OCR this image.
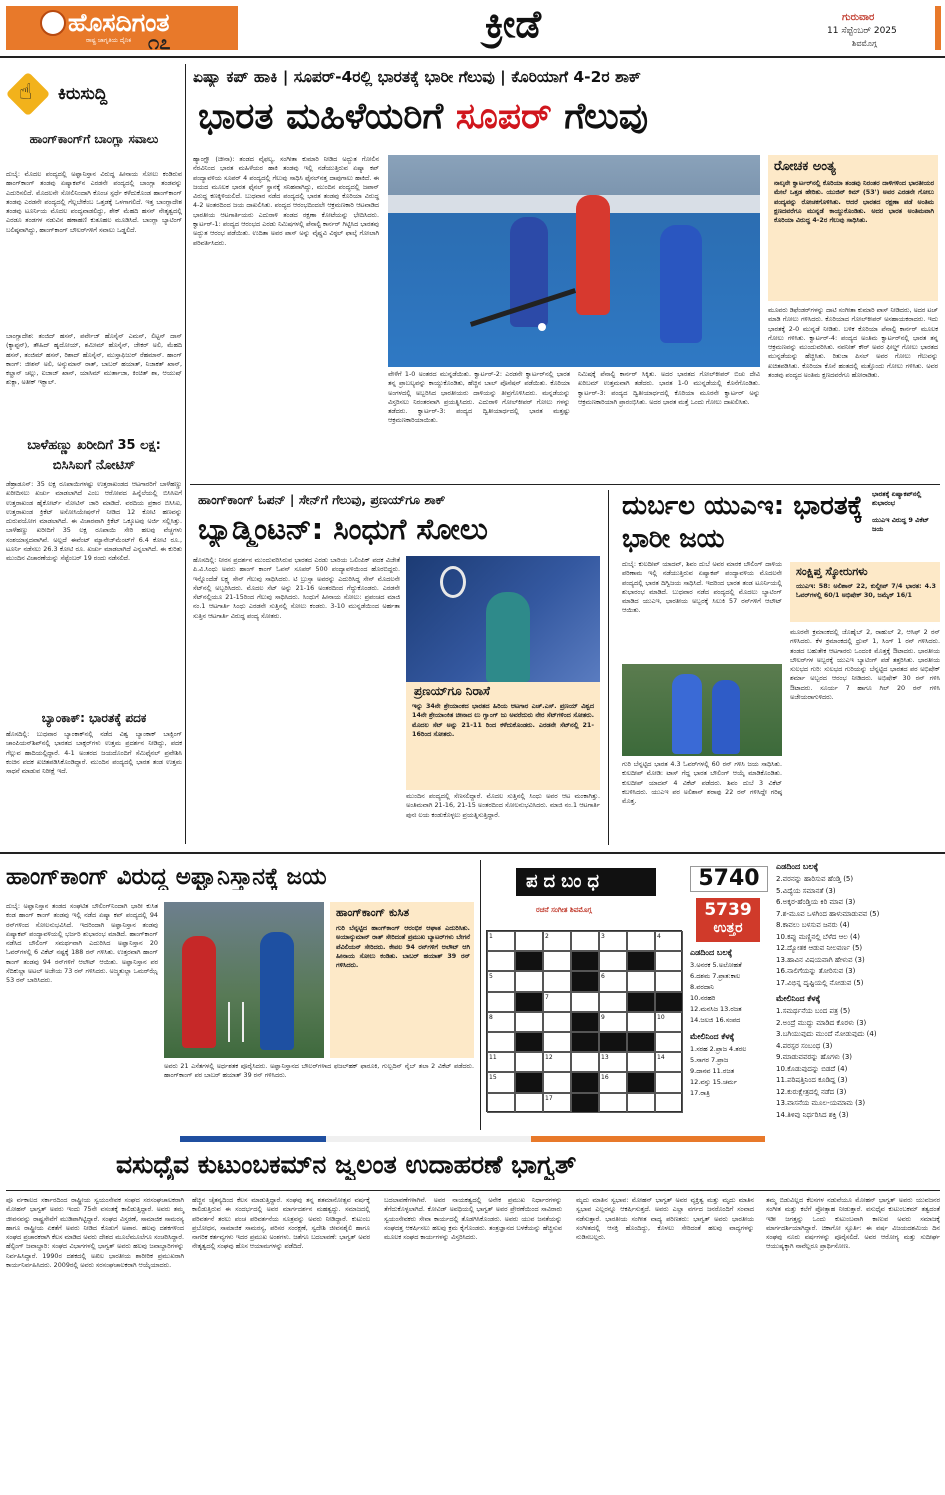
ಹೊಸದಿಗಂತ
ರಾಷ್ಟ್ರ ಜಾಗೃತಿಯ ದೈನಿಕ ೧೭	ಕ್ರೀಡೆ	ಗುರುವಾರ
11 ಸೆಪ್ಟೆಂಬರ್ 2025
ಶಿವಮೊಗ್ಗ
☝ ಕಿರುಸುದ್ದಿ
ಹಾಂಗ್‌ಕಾಂಗ್‌ಗೆ ಬಾಂಗ್ಲಾ ಸವಾಲು
ದುಬೈ: ಮೊದಲ ಪಂದ್ಯದಲ್ಲಿ ಅಫ್ಘಾನಿಸ್ತಾನ ವಿರುದ್ಧ ಹೀನಾಯ ಸೋಲು ಕಂಡಿರುವ ಹಾಂಗ್‌ಕಾಂಗ್ ತಂಡವು ಏಷ್ಯಾಕಪ್‌ನ ಎರಡನೇ ಪಂದ್ಯದಲ್ಲಿ ಬಾಂಗ್ಲಾ ತಂಡವನ್ನು ಎದುರಿಸಲಿದೆ. ಮೊದಲನೇ ಸೋಲಿನಿಂದಾಗಿ ಕೊಂಚ ಸ್ಪರ್ಧೆ ಕಳೆದುಕೊಂಡ ಹಾಂಗ್‌ಕಾಂಗ್ ತಂಡವು ಎರಡನೇ ಪಂದ್ಯದಲ್ಲಿ ಗೆಲ್ಲಬೇಕೆಂಬ ಒತ್ತಡಕ್ಕೆ ಒಳಗಾಗಲಿದೆ. ಇತ್ತ ಬಾಂಗ್ಲಾದೇಶ ತಂಡವು ಟೂರ್ನಿಯ ಮೊದಲ ಪಂದ್ಯವಾಡಲಿದ್ದು, ಶೇಕ್ ಮೆಹದಿ ಹಸನ್ ನೇತೃತ್ವದಲ್ಲಿ ಎರಡೂ ತಂಡಗಳ ನಡುವಿನ ಹಣಾಹಣಿ ಕುತೂಹಲ ಮೂಡಿಸಿದೆ. ಬಾಂಗ್ಲಾ ಬ್ಯಾಟಿಂಗ್ ಬಲಿಷ್ಠವಾಗಿದ್ದು, ಹಾಂಗ್‌ಕಾಂಗ್ ಬೌಲರ್‌ಗಳಿಗೆ ಸವಾಲು ಒಡ್ಡಲಿದೆ.
ಬಾಂಗ್ಲಾದೇಶ: ತಂಜಿದ್ ಹಸನ್, ಪರ್ವೇಜ್ ಹೊಸೈನ್ ಎಮನ್, ಲಿಟ್ಟನ್ ದಾಸ್ (ಕ್ಯಾಪ್ಟನ್), ತೌಹಿದ್ ಹೃದೋಯ್, ಶಮೀಮ್ ಹೊಸೈನ್, ಜೇಕರ್ ಅಲಿ, ಮೆಹದಿ ಹಸನ್, ತಂಜಿಮ್ ಹಸನ್, ರಿಶಾದ್ ಹೊಸೈನ್, ಮುಸ್ತಾಫಿಜುರ್ ರೆಹಮಾನ್. ಹಾಂಗ್ ಕಾಂಗ್: ಜೀಶನ್ ಅಲಿ, ಅನ್ಶುಮಾನ್ ರಾತ್, ಬಾಬರ್ ಹಯಾತ್, ನಿಜಾಕತ್ ಖಾನ್, ಕಲ್ಹಾನ್ ಚಲ್ಲು, ಐಜಾಜ್ ಖಾನ್, ಯಾಸಿಮ್ ಮುರ್ತಾಜಾ, ಕಿಂಚಿತ್ ಶಾ, ಆಯುಷ್ ಶುಕ್ಲಾ, ಅತೀಕ್ ಇಕ್ಬಾಲ್.
ಬಾಳೆಹಣ್ಣು ಖರೀದಿಗೆ 35 ಲಕ್ಷ: ಬಿಸಿಸಿಐಗೆ ನೋಟಿಸ್
ಡೆಹ್ರಾಡೂನ್: 35 ಲಕ್ಷ ರೂಪಾಯಿಗಳಷ್ಟು ಉತ್ತರಾಖಂಡದ ಆಟಗಾರರಿಗೆ ಬಾಳೆಹಣ್ಣು ಖರೀದಿಸಲು ಖರ್ಚು ಮಾಡಲಾಗಿದೆ ಎಂಬ ಆರೋಪದ ಹಿನ್ನೆಲೆಯಲ್ಲಿ ಬಿಸಿಸಿಐಗೆ ಉತ್ತರಾಖಂಡ ಹೈಕೋರ್ಟ್ ನೋಟಿಸ್ ಜಾರಿ ಮಾಡಿದೆ. ವರದಿಯ ಪ್ರಕಾರ ಬಿಸಿಸಿಐ, ಉತ್ತರಾಖಂಡ ಕ್ರಿಕೆಟ್ ಅಸೋಸಿಯೇಷನ್‌ಗೆ ನೀಡಿದ 12 ಕೋಟಿ ಹಣವನ್ನು ದುರುಪಯೋಗ ಮಾಡಲಾಗಿದೆ. ಈ ವಿಚಾರವಾಗಿ ಕ್ರಿಕೆಟ್ ಒಕ್ಕೂಟವು ಅರ್ಜಿ ಸಲ್ಲಿಸಿತ್ತು. ಬಾಳೆಹಣ್ಣು ಖರೀದಿಗೆ 35 ಲಕ್ಷ ರೂಪಾಯಿ ಸೇರಿ ಹಲವು ವೆಚ್ಚಗಳು ಸಂಶಯಾಸ್ಪದವಾಗಿವೆ. ಅಲ್ಲದೆ ಈವೆಂಟ್ ಮ್ಯಾನೇಜ್‌ಮೆಂಟ್‌ಗೆ 6.4 ಕೋಟಿ ರೂ., ಟೂರ್ನಿ ನಡೆಸಲು 26.3 ಕೋಟಿ ರೂ. ಖರ್ಚು ಮಾಡಲಾಗಿದೆ ಎನ್ನಲಾಗಿದೆ. ಈ ಕುರಿತು ಮುಂದಿನ ವಿಚಾರಣೆಯನ್ನು ಸೆಪ್ಟೆಂಬರ್ 19 ರಂದು ನಡೆಸಲಿದೆ.
ಬ್ಯಾಂಕಾಕ್: ಭಾರತಕ್ಕೆ ಪದಕ
ಹೊಸದಿಲ್ಲಿ: ಬುಧವಾರ ಬ್ಯಾಂಕಾಕ್‌ನಲ್ಲಿ ನಡೆದ ವಿಶ್ವ ಬ್ಯಾಂಕಾಕ್ ಬಾಕ್ಸಿಂಗ್ ಚಾಂಪಿಯನ್‌ಶಿಪ್‌ನಲ್ಲಿ ಭಾರತದ ಬಾಕ್ಸರ್‌ಗಳು ಉತ್ತಮ ಪ್ರದರ್ಶನ ನೀಡಿದ್ದು, ಪದಕ ಗೆಲ್ಲುವ ಹಾದಿಯಲ್ಲಿದ್ದಾರೆ. 4-1 ಅಂತರದ ಜಯದೊಂದಿಗೆ ಸೆಮಿಫೈನಲ್ ಪ್ರವೇಶಿಸಿ ಕಂಚಿನ ಪದಕ ಖಚಿತಪಡಿಸಿಕೊಂಡಿದ್ದಾರೆ. ಮುಂದಿನ ಪಂದ್ಯದಲ್ಲಿ ಭಾರತ ತಂಡ ಉತ್ತಮ ಸಾಧನೆ ಮಾಡುವ ನಿರೀಕ್ಷೆ ಇದೆ.
ಏಷ್ಯಾ ಕಪ್ ಹಾಕಿ | ಸೂಪರ್-4ರಲ್ಲಿ ಭಾರತಕ್ಕೆ ಭಾರೀ ಗೆಲುವು | ಕೊರಿಯಾಗೆ 4-2ರ ಶಾಕ್
ಭಾರತ ಮಹಿಳೆಯರಿಗೆ ಸೂಪರ್ ಗೆಲುವು
ಹ್ಯಾಂಗ್ಝೌ (ಚೀನಾ): ತಂಡದ ವೈಫಲ್ಯ, ಸಂಗೀತಾ ಕುಮಾರಿ ನೀಡಿದ ಅದ್ಭುತ ಗೋಲಿನ ನೆರವಿನಿಂದ ಭಾರತ ಮಹಿಳೆಯರ ಹಾಕಿ ತಂಡವು ಇಲ್ಲಿ ನಡೆಯುತ್ತಿರುವ ಏಷ್ಯಾ ಕಪ್ ಪಂದ್ಯಾವಳಿಯ ಸೂಪರ್ 4 ಪಂದ್ಯದಲ್ಲಿ ಗೆಲುವು ಸಾಧಿಸಿ ಫೈನಲ್‌ನತ್ತ ದಾಪುಗಾಲು ಹಾಕಿದೆ. ಈ ಜಯದ ಮೂಲಕ ಭಾರತ ಫೈನಲ್ ಸ್ಥಾನಕ್ಕೆ ಸನಿಹವಾಗಿದ್ದು, ಮುಂದಿನ ಪಂದ್ಯದಲ್ಲಿ ಜಪಾನ್ ವಿರುದ್ಧ ಕಣಕ್ಕಿಳಿಯಲಿದೆ. ಬುಧವಾರ ನಡೆದ ಪಂದ್ಯದಲ್ಲಿ ಭಾರತ ತಂಡವು ಕೊರಿಯಾ ವಿರುದ್ಧ 4-2 ಅಂತರದಿಂದ ಜಯ ದಾಖಲಿಸಿತು. ಪಂದ್ಯದ ಆರಂಭದಿಂದಲೇ ಆಕ್ರಮಣಕಾರಿ ಆಟವಾಡಿದ ಭಾರತೀಯ ಆಟಗಾರ್ತಿಯರು ಎದುರಾಳಿ ತಂಡದ ರಕ್ಷಣಾ ಕೋಟೆಯನ್ನು ಭೇದಿಸಿದರು. ಕ್ವಾರ್ಟರ್-1: ಪಂದ್ಯದ ಆರಂಭದ ಎರಡು ನಿಮಿಷಗಳಲ್ಲಿ ಪೆನಾಲ್ಟಿ ಕಾರ್ನರ್ ಗಿಟ್ಟಿಸಿದ ಭಾರತವು ಅದ್ಭುತ ಆರಂಭ ಪಡೆಯಿತು. ಉದಿತಾ ಅವರ ಪಾಸ್ ಅನ್ನು ವೈಷ್ಣವಿ ವಿಠ್ಠಲ್ ಫಾಲ್ಕೆ ಗೋಲಾಗಿ ಪರಿವರ್ತಿಸಿದರು.
ರೋಚಕ ಅಂತ್ಯ
ನಾಲ್ಕನೇ ಕ್ವಾರ್ಟರ್‌ನಲ್ಲಿ ಕೊರಿಯಾ ತಂಡವು ನಿರಂತರ ದಾಳಿಗಳಿಂದ ಭಾರತೀಯರ ಮೇಲೆ ಒತ್ತಡ ಹೇರಿತು. ಯುಜಿನ್ ಕಿಮ್ (53') ಅವರ ಎರಡನೇ ಗೋಲು ಪಂದ್ಯವನ್ನು ರೋಚಕಗೊಳಿಸಿತು. ಆದರೆ ಭಾರತದ ರಕ್ಷಣಾ ಪಡೆ ಅಂತಿಮ ಕ್ಷಣದವರೆಗೂ ಮುನ್ನಡೆ ಕಾಯ್ದುಕೊಂಡಿತು. ಅದರ ಭಾರತ ಅಂತಿಮವಾಗಿ ಕೊರಿಯಾ ವಿರುದ್ಧ 4-2ರ ಗೆಲುವು ಸಾಧಿಸಿತು.
ಮೂವರು ಡಿಫೆಂಡರ್‌ಗಳನ್ನು ದಾಟಿ ಸಂಗೀತಾ ಕುಮಾರಿ ಪಾಸ್ ನೀಡಿದರು, ಅದರ ಟಚ್ ಮಾಡಿ ಗೋಲು ಗಳಿಸಿದರು. ಕೊರಿಯಾದ ಗೋಲ್‌ಕೀಪರ್ ಅಸಹಾಯಕರಾದರು. ಇದು ಭಾರತಕ್ಕೆ 2-0 ಮುನ್ನಡೆ ನೀಡಿತು. ಬಳಿಕ ಕೊರಿಯಾ ಪೆನಾಲ್ಟಿ ಕಾರ್ನರ್ ಮೂಲಕ ಗೋಲು ಗಳಿಸಿತು. ಕ್ವಾರ್ಟರ್-4: ಪಂದ್ಯದ ಅಂತಿಮ ಕ್ವಾರ್ಟರ್‌ನಲ್ಲಿ ಭಾರತ ತನ್ನ ಆಕ್ರಮಣವನ್ನು ಮುಂದುವರಿಸಿತು. ನವನೀತ್ ಕೌರ್ ಅವರ ಫೀಲ್ಡ್ ಗೋಲು ಭಾರತದ ಮುನ್ನಡೆಯನ್ನು ಹೆಚ್ಚಿಸಿತು. ರಿತುಜಾ ಪಿಸಲ್ ಅವರ ಗೋಲು ಗೆಲುವನ್ನು ಖಚಿತಪಡಿಸಿತು. ಕೊರಿಯಾ ಕೊನೆ ಹಂತದಲ್ಲಿ ಮತ್ತೊಂದು ಗೋಲು ಗಳಿಸಿತು. ಅವರ ತಂಡವು ಪಂದ್ಯದ ಅಂತಿಮ ಕ್ಷಣದವರೆಗೂ ಹೋರಾಡಿತು.
ವೇಳೆಗೆ 1-0 ಅಂತರದ ಮುನ್ನಡೆಯಿತು. ಕ್ವಾರ್ಟರ್-2: ಎರಡನೇ ಕ್ವಾರ್ಟರ್‌ನಲ್ಲಿ ಭಾರತ ತನ್ನ ಪ್ರಾಬಲ್ಯವನ್ನು ಕಾಯ್ದುಕೊಂಡಿತು, ಹೆಚ್ಚಿನ ಬಾಲ್ ಪೊಸೆಷನ್ ಪಡೆಯಿತು. ಕೊರಿಯಾ ಅಂಗಳದಲ್ಲಿ ಅಬ್ಬರಿಸಿದ ಭಾರತೀಯರು ದಾಳಿಯನ್ನು ತೀವ್ರಗೊಳಿಸಿದರು. ಮನ್ನಡೆಯನ್ನು ವಿಸ್ತರಿಸಲು ನಿರಂತರವಾಗಿ ಪ್ರಯತ್ನಿಸಿದರು. ಎದುರಾಳಿ ಗೋಲ್‌ಕೀಪರ್ ಗೋಲು ಗಳನ್ನು ತಡೆದರು. ಕ್ವಾರ್ಟರ್-3: ಪಂದ್ಯದ ದ್ವಿತೀಯಾರ್ಧದಲ್ಲಿ ಭಾರತ ಮತ್ತಷ್ಟು ಆಕ್ರಮಣಕಾರಿಯಾಯಿತು.
ನಿಮಿಷಕ್ಕೆ ಪೆನಾಲ್ಟಿ ಕಾರ್ನರ್ ಸಿಕ್ಕಿತು. ಅದರ ಭಾರತದ ಗೋಲ್‌ಕೀಪರ್ ಬಿಚು ದೇವಿ ಖರಿಬಮ್ ಉತ್ತಮವಾಗಿ ತಡೆದರು. ಭಾರತ 1-0 ಮುನ್ನಡೆಯಲ್ಲಿ ಕೊನೆಗೊಂಡಿತು. ಕ್ವಾರ್ಟರ್-3: ಪಂದ್ಯದ ದ್ವಿತೀಯಾರ್ಧದಲ್ಲಿ ಕೊರಿಯಾ ಮೂರನೇ ಕ್ವಾರ್ಟರ್ ಅನ್ನು ಆಕ್ರಮಣಕಾರಿಯಾಗಿ ಪ್ರಾರಂಭಿಸಿತು. ಅದರ ಭಾರತ ಮತ್ತೆ ಒಂದು ಗೋಲು ದಾಖಲಿಸಿತು.
ಹಾಂಗ್‌ಕಾಂಗ್ ಓಪನ್ | ಸೇನ್‌ಗೆ ಗೆಲುವು, ಪ್ರಣಯ್‌ಗೂ ಶಾಕ್
ಬ್ಯಾಡ್ಮಿಂಟನ್: ಸಿಂಧುಗೆ ಸೋಲು
ಹೊಸದಿಲ್ಲಿ: ನೀರಸ ಪ್ರದರ್ಶನ ಮುಂದುವರಿಸಿರುವ ಭಾರತದ ಎರಡು ಬಾರಿಯ ಒಲಿಂಪಿಕ್ ಪದಕ ವಿಜೇತೆ ಪಿ.ವಿ.ಸಿಂಧು ಅವರು ಹಾಂಗ್ ಕಾಂಗ್ ಓಪನ್ ಸೂಪರ್ 500 ಪಂದ್ಯಾವಳಿಯಿಂದ ಹೊರಬಿದ್ದರು. ಇನ್ನೊಂದೆಡೆ ಲಕ್ಷ್ಯ ಸೇನ್ ಗೆಲುವು ಸಾಧಿಸಿದರು. ಟಿ ಬ್ರುಸ್ಸಾ ಅವರನ್ನು ಎದುರಿಸಿದ್ದ ಸೇನ್ ಮೊದಲನೇ ಸೆಟ್‌ನಲ್ಲಿ ಅಬ್ಬರಿಸಿದರು. ಮೊದಲ ಸೆಟ್ ಅನ್ನು 21-16 ಅಂತರದಿಂದ ಗೆದ್ದುಕೊಂಡರು. ಎರಡನೇ ಸೆಟ್‌ನಲ್ಲಿಯೂ 21-15ರಿಂದ ಗೆಲುವು ಸಾಧಿಸಿದರು. ಸಿಂಧುಗೆ ಹೀನಾಯ ಸೋಲು: ಪ್ರಪಂಚದ ಮಾಜಿ ನಂ.1 ಆಟಗಾರ್ತಿ ಸಿಂಧು ಎರಡನೇ ಸುತ್ತಿನಲ್ಲಿ ಸೋಲು ಕಂಡರು. 3-10 ಮುನ್ನಡೆಯಿಂದ ಅರ್ಹತಾ ಸುತ್ತಿನ ಆಟಗಾರ್ತಿ ವಿರುದ್ಧ ಪಂದ್ಯ ಸೋತರು.
ಪ್ರಣಯ್‌ಗೂ ನಿರಾಸೆ
ಇನ್ನು 34ನೇ ಶ್ರೇಯಾಂಕದ ಭಾರತದ ಹಿರಿಯ ಆಟಗಾರ ಎಚ್.ಎಸ್. ಪ್ರಣಯ್ ವಿಶ್ವದ 14ನೇ ಶ್ರೇಯಾಂಕಿತ ಚೀನಾದ ಲು ಗ್ವಾಂಗ್ ಜು ಅವರೆದುರು ನೇರ ಸೆಟ್‌ಗಳಿಂದ ಸೋತರು. ಮೊದಲ ಸೆಟ್ ಅನ್ನು 21-11 ರಿಂದ ಕಳೆದುಕೊಂಡರು. ಎರಡನೇ ಸೆಟ್‌ನಲ್ಲಿ 21-16ರಿಂದ ಸೋತರು.
ಮುಂದಿನ ಪಂದ್ಯದಲ್ಲಿ ಸೆಣಸಲಿದ್ದಾರೆ. ಮೊದಲ ಸುತ್ತಿನಲ್ಲಿ ಸಿಂಧು ಅವರ ಆಟ ಮಂಕಾಗಿತ್ತು. ಅಂತಿಮವಾಗಿ 21-16, 21-15 ಅಂತರದಿಂದ ಸೋಲನುಭವಿಸಿದರು. ಮಾಜಿ ನಂ.1 ಆಟಗಾರ್ತಿ ಪುನಃ ಲಯ ಕಂಡುಕೊಳ್ಳಲು ಪ್ರಯತ್ನಿಸುತ್ತಿದ್ದಾರೆ.
ದುರ್ಬಲ ಯುಎಇ: ಭಾರತಕ್ಕೆ ಭಾರೀ ಜಯ
ಭಾರತಕ್ಕೆ ಏಷ್ಯಾಕಪ್‌ನಲ್ಲಿ ಶುಭಾರಂಭ
ಯುಎಇ ವಿರುದ್ಧ 9 ವಿಕೆಟ್ ಜಯ
ದುಬೈ: ಕುಲದೀಪ್ ಯಾದವ್, ಶಿವಂ ದುಬೆ ಅವರ ಮಾರಕ ಬೌಲಿಂಗ್ ದಾಳಿಯ ಪರಿಣಾಮ ಇಲ್ಲಿ ನಡೆಯುತ್ತಿರುವ ಏಷ್ಯಾಕಪ್ ಪಂದ್ಯಾವಳಿಯ ಮೊದಲನೇ ಪಂದ್ಯದಲ್ಲಿ ಭಾರತ ದಿಗ್ವಿಜಯ ಸಾಧಿಸಿದೆ. ಇದರಿಂದ ಭಾರತ ತಂಡ ಟೂರ್ನಿಯಲ್ಲಿ ಶುಭಾರಂಭ ಮಾಡಿದೆ. ಬುಧವಾರ ನಡೆದ ಪಂದ್ಯದಲ್ಲಿ ಮೊದಲು ಬ್ಯಾಟಿಂಗ್ ಮಾಡಿದ ಯುಎಇ, ಭಾರತೀಯ ಅಬ್ಬರಕ್ಕೆ ಸಿಲುಕಿ 57 ರನ್‌ಗಳಿಗೆ ಆಲೌಟ್ ಆಯಿತು.
ಸಂಕ್ಷಿಪ್ತ ಸ್ಕೋರುಗಳು
ಯುಎಇ: 58: ಅಲಿಶಾನ್ 22, ಕುಲ್ದೀಪ್ 7/4 ಭಾರತ: 4.3 ಓವರ್‌ಗಳಲ್ಲಿ 60/1 ಅಭಿಷೇಕ್ 30, ಜಮೈಕ್ 16/1
ಮೂರನೇ ಕ್ರಮಾಂಕದಲ್ಲಿ ಜೊಹೈಬ್ 2, ರಾಹುಲ್ 2, ಆಸಿಫ್ 2 ರನ್ ಗಳಿಸಿದರು. ಕೆಳ ಕ್ರಮಾಂಕದಲ್ಲಿ ಧ್ರುವ್ 1, ಸಿಂಗ್ 1 ರನ್ ಗಳಿಸಿದರು. ತಂಡದ ಬಹುತೇಕ ಆಟಗಾರರು ಒಂದಂಕಿ ಮೊತ್ತಕ್ಕೆ ಔಟಾದರು. ಭಾರತೀಯ ಬೌಲರ್‌ಗಳ ಅಬ್ಬರಕ್ಕೆ ಯುಎಇ ಬ್ಯಾಟಿಂಗ್ ಪಡೆ ತತ್ತರಿಸಿತು. ಭಾರತೀಯ ಸುಲಭದ ಗುರಿ: ಸುಲಭದ ಗುರಿಯನ್ನು ಬೆನ್ನಟ್ಟಿದ ಭಾರತದ ಪರ ಅಭಿಷೇಕ್ ಶರ್ಮಾ ಅಬ್ಬರದ ಆರಂಭ ನೀಡಿದರು. ಅಭಿಷೇಕ್ 30 ರನ್ ಗಳಿಸಿ ಔಟಾದರು. ಸೂರ್ಯ 7 ಹಾಗೂ ಗಿಲ್ 20 ರನ್ ಗಳಿಸಿ ಅಜೇಯರಾಗುಳಿದರು.
ಗುರಿ ಬೆನ್ನಟ್ಟಿದ ಭಾರತ 4.3 ಓವರ್‌ಗಳಲ್ಲಿ 60 ರನ್ ಗಳಿಸಿ ಜಯ ಸಾಧಿಸಿತು. ಕುಲದೀಪ್ ಮೋಡಿ: ಟಾಸ್ ಗೆದ್ದ ಭಾರತ ಬೌಲಿಂಗ್ ಆಯ್ಕೆ ಮಾಡಿಕೊಂಡಿತು. ಕುಲದೀಪ್ ಯಾದವ್ 4 ವಿಕೆಟ್ ಪಡೆದರು. ಶಿವಂ ದುಬೆ 3 ವಿಕೆಟ್ ಕಬಳಿಸಿದರು. ಯುಎಇ ಪರ ಅಲಿಶಾನ್ ಶರಾಫು 22 ರನ್ ಗಳಿಸಿದ್ದೇ ಗರಿಷ್ಠ ಮೊತ್ತ.
ಹಾಂಗ್‌ಕಾಂಗ್ ವಿರುದ್ಧ ಅಫ್ಘಾನಿಸ್ತಾನಕ್ಕೆ ಜಯ
ದುಬೈ: ಅಫ್ಘಾನಿಸ್ತಾನ ತಂಡದ ಸಂಘಟಿತ ಬೌಲಿಂಗ್‌ನಿಂದಾಗಿ ಭಾರೀ ಕುಸಿತ ಕಂಡ ಹಾಂಗ್ ಕಾಂಗ್ ತಂಡವು ಇಲ್ಲಿ ನಡೆದ ಏಷ್ಯಾ ಕಪ್ ಪಂದ್ಯದಲ್ಲಿ 94 ರನ್‌ಗಳಿಂದ ಸೋಲನುಭವಿಸಿದೆ. ಇದರಿಂದಾಗಿ ಅಫ್ಘಾನಿಸ್ತಾನ ತಂಡವು ಏಷ್ಯಾಕಪ್ ಪಂದ್ಯಾವಳಿಯಲ್ಲಿ ಭರ್ಜರಿ ಶುಭಾರಂಭ ಮಾಡಿದೆ. ಹಾಂಗ್‌ಕಾಂಗ್ ನಡೆಸಿದ ಬೌಲಿಂಗ್ ಸಮರ್ಥವಾಗಿ ಎದುರಿಸಿದ ಅಫ್ಘಾನಿಸ್ತಾನ 20 ಓವರ್‌ಗಳಲ್ಲಿ 6 ವಿಕೆಟ್ ನಷ್ಟಕ್ಕೆ 188 ರನ್ ಗಳಿಸಿತು. ಉತ್ತರವಾಗಿ ಹಾಂಗ್ ಕಾಂಗ್ ತಂಡವು 94 ರನ್‌ಗಳಿಗೆ ಆಲೌಟ್ ಆಯಿತು. ಅಫ್ಘಾನಿಸ್ತಾನ ಪರ ಸೆದಿಕುಲ್ಲಾ ಅಟಲ್ ಅಜೇಯ 73 ರನ್ ಗಳಿಸಿದರು. ಅಜ್ಮತುಲ್ಲಾ ಒಮರ್‌ಝೈ 53 ರನ್ ಬಾರಿಸಿದರು.
ಹಾಂಗ್‌ಕಾಂಗ್ ಕುಸಿತ
ಗುರಿ ಬೆನ್ನಟ್ಟಿದ ಹಾಂಗ್‌ಕಾಂಗ್ ಆರಂಭಿಕ ಆಘಾತ ಎದುರಿಸಿತು. ಅಯಾನ್ಶುಮಾನ್ ರಾತ್ ಸೇರಿದಂತೆ ಪ್ರಮುಖ ಬ್ಯಾಟರ್‌ಗಳು ಬೇಗನೆ ಪೆವಿಲಿಯನ್ ಸೇರಿದರು. ಕೇವಲ 94 ರನ್‌ಗಳಿಗೆ ಆಲೌಟ್ ಆಗಿ ಹೀನಾಯ ಸೋಲು ಕಂಡಿತು. ಬಾಬರ್ ಹಯಾತ್ 39 ರನ್ ಗಳಿಸಿದರು.
ಅವರು 21 ಎಸೆತಗಳಲ್ಲಿ ಅರ್ಧಶತಕ ಪೂರೈಸಿದರು. ಅಫ್ಘಾನಿಸ್ತಾನದ ಬೌಲರ್‌ಗಳಾದ ಫಜಲ್‌ಹಕ್ ಫಾರೂಕಿ, ಗುಲ್ಬದಿನ್ ನೈಬ್ ತಲಾ 2 ವಿಕೆಟ್ ಪಡೆದರು. ಹಾಂಗ್‌ಕಾಂಗ್ ಪರ ಬಾಬರ್ ಹಯಾತ್ 39 ರನ್ ಗಳಿಸಿದರು.
ಪದಬಂಧ
ರಚನೆ ಸಂಗೀತ ಶಿವಮೊಗ್ಗ
5740
5739
ಉತ್ತರ
1	2	3	4
5	6
7
8	9	10
11	12	13	14
15	16
17
ಎಡದಿಂದ ಬಲಕ್ಕೆ
3.ಅನರಕ 5.ಅಲೋಹತೆ
6.ದಶಮ 7.ಪ್ರಾತ:ಕಾಲ
8.ವರದಾನಿ
10.ನರಹರಿ
12.ಮನಸಿಜ 13.ರಜತ
14.ಜಲಜಿ 16.ಸಂಪದ
ಮೇಲಿನಿಂದ ಕೆಳಕ್ಕೆ
1.ಸರಹ 2.ಪ್ರಾಜ 4.ತರಲ
5.ಸಾಗರ 7.ಪ್ರಾಜ
9.ದಾನವ 11.ರಜತ
12.ವಸ್ತು 15.ಚರ್ಮ
17.ರಾತ್ರಿ
ಎಡದಿಂದ ಬಲಕ್ಕೆ
2.ವರನನ್ನು ಹಾರಿಸುವ ಹೆಂಡ್ತಿ (5)
5.ವಿದ್ಯೆಯ ಸಮಾನತೆ (3)
6.ಅಕ್ಕರ-ಹೆಂಡ್ತಿಯ ಕಿರಿ ಮಾವ (3)
7.ಶ-ಮೂವ ಒಳಗಿಂದ ಹಾಳುಮಾಡುವವ (5)
8.ಕಾವಲು ಬಳಸುವ ಜನರು (4)
10.ಕಪ್ಪು ಮಣ್ಣಿನಲ್ಲಿ ಬೆಳೆದ ಆಲ (4)
12.ದ್ಯೋತಕ ಆಡುವ ನೀಲವರ್ಣ (5)
13.ಹಾವಿನ ವಿಷಯವಾಗಿ ಹೇಳುವ (3)
16.ನಾಲಿಗೆಯನ್ನು ತೋರಿಸುವ (3)
17.ವಿಭಿನ್ನ ದೃಷ್ಟಿಯಲ್ಲಿ ನೋಡುವ (5)
ಮೇಲಿನಿಂದ ಕೆಳಕ್ಕೆ
1.ಸಮರ್ಥನೆಯ ಬಂದ ಪತ್ರ (5)
2.ಅಂದ್ರೆ ಮುದ್ದು ಮಾಡಿದ ಕೊರಳು (3)
3.ಬಗಿಯುವುದು ಮುಂದೆ ನೋಡುವುದು (4)
4.ಪರಸ್ಪರ ಸಂಬಂಧ (3)
9.ಮಾಡುವವರನ್ನು ಹೊಗಳು (3)
10.ಕೊಡುವುದನ್ನು ಬಿಡದೆ (4)
11.ಪರಿಷತ್ತಿನಿಂದ ಕೂಡಿದ್ದ (3)
12.ಕುರುಕ್ಷೇತ್ರದಲ್ಲಿ ನಡೆದ (3)
13.ವಾಸನೆಯ ಮೂಲ-ಯಮಾಮ (3)
14.ತಿಳಿವು ನಿರ್ಧರಿಸಿದ ಶಕ್ತಿ (3)
ವಸುಧೈವ ಕುಟುಂಬಕಮ್‌ನ ಜ್ವಲಂತ ಉದಾಹರಣೆ ಭಾಗ್ವತ್
ಪೂ ರ್ವಕಾಲದ ಸರ್ಕಾರದಿಂದ ರಾಷ್ಟ್ರೀಯ ಸ್ವಯಂಸೇವಕ ಸಂಘದ ಸರಸಂಘಚಾಲಕರಾಗಿ ಮೋಹನ್ ಭಾಗ್ವತ್ ಅವರು ಇಂದು 75ನೇ ವಸಂತಕ್ಕೆ ಕಾಲಿಡುತ್ತಿದ್ದಾರೆ. ಅವರು ತಮ್ಮ ಜೀವನವನ್ನು ರಾಷ್ಟ್ರಸೇವೆಗೆ ಮುಡಿಪಾಗಿಟ್ಟಿದ್ದಾರೆ. ಸಂಘದ ವಿಸ್ತರಣೆ, ಸಾಮಾಜಿಕ ಸಾಮರಸ್ಯ ಹಾಗೂ ರಾಷ್ಟ್ರೀಯ ಏಕತೆಗೆ ಅವರು ನೀಡಿದ ಕೊಡುಗೆ ಅಪಾರ. ಹಲವು ದಶಕಗಳಿಂದ ಸಂಘದ ಪ್ರಚಾರಕರಾಗಿ ಕೆಲಸ ಮಾಡಿದ ಅವರು ದೇಶದ ಮೂಲೆಮೂಲೆಗೂ ಸಂಚರಿಸಿದ್ದಾರೆ. ಹೆಲ್ಪಿಂಗ್ ಜವಾಬ್ದಾರಿ: ಸಂಘದ ವಿಭಾಗಗಳಲ್ಲಿ ಭಾಗ್ವತ್ ಅವರು ಹಲವು ಜವಾಬ್ದಾರಿಗಳನ್ನು ನಿರ್ವಹಿಸಿದ್ದಾರೆ. 1990ರ ದಶಕದಲ್ಲಿ ಅಖಿಲ ಭಾರತೀಯ ಶಾರೀರಿಕ ಪ್ರಮುಖರಾಗಿ ಕಾರ್ಯನಿರ್ವಹಿಸಿದರು. 2009ರಲ್ಲಿ ಅವರು ಸರಸಂಘಚಾಲಕರಾಗಿ ಆಯ್ಕೆಯಾದರು.
ಹೆಚ್ಚಿನ ಚೈತನ್ಯದಿಂದ ಕೆಲಸ ಮಾಡುತ್ತಿದ್ದಾರೆ. ಸಂಘವು ತನ್ನ ಶತಮಾನೋತ್ಸವ ವರ್ಷಕ್ಕೆ ಕಾಲಿಡುತ್ತಿರುವ ಈ ಸಂದರ್ಭದಲ್ಲಿ ಅವರ ಮಾರ್ಗದರ್ಶನ ಮಹತ್ವದ್ದು. ಸಮಾಜದಲ್ಲಿ ಪರಿವರ್ತನೆ ತರಲು ಪಂಚ ಪರಿವರ್ತನೆಯ ಸೂತ್ರವನ್ನು ಅವರು ನೀಡಿದ್ದಾರೆ. ಕುಟುಂಬ ಪ್ರಬೋಧನ, ಸಾಮಾಜಿಕ ಸಾಮರಸ್ಯ, ಪರಿಸರ ಸಂರಕ್ಷಣೆ, ಸ್ವದೇಶಿ ಜೀವನಶೈಲಿ ಹಾಗೂ ನಾಗರಿಕ ಕರ್ತವ್ಯಗಳು ಇದರ ಪ್ರಮುಖ ಅಂಶಗಳು. ಜತೆಗೂ ಬದಲಾವಣೆ: ಭಾಗ್ವತ್ ಅವರ ನೇತೃತ್ವದಲ್ಲಿ ಸಂಘವು ಹೊಸ ಆಯಾಮಗಳನ್ನು ಪಡೆದಿದೆ.
ಬದಲಾವಣೆಗಳಾಗಿವೆ. ಅವರ ನಾಯಕತ್ವದಲ್ಲಿ ಅನೇಕ ಪ್ರಮುಖ ನಿರ್ಧಾರಗಳನ್ನು ತೆಗೆದುಕೊಳ್ಳಲಾಗಿದೆ. ಕೋವಿಡ್ ಅವಧಿಯಲ್ಲಿ ಭಾಗ್ವತ್ ಅವರ ಪ್ರೇರಣೆಯಿಂದ ಸಾವಿರಾರು ಸ್ವಯಂಸೇವಕರು ಸೇವಾ ಕಾರ್ಯದಲ್ಲಿ ತೊಡಗಿಸಿಕೊಂಡರು. ಅವರು ಯುವ ಜನತೆಯನ್ನು ಸಂಘದತ್ತ ಆಕರ್ಷಿಸಲು ಹಲವು ಕ್ರಮ ಕೈಗೊಂಡರು. ತಂತ್ರಜ್ಞಾನದ ಬಳಕೆಯನ್ನು ಹೆಚ್ಚಿಸುವ ಮೂಲಕ ಸಂಘದ ಕಾರ್ಯಗಳನ್ನು ವಿಸ್ತರಿಸಿದರು.
ಮೃದು ಮಾತಿನ ಸ್ವಭಾವ: ಮೋಹನ್ ಭಾಗ್ವತ್ ಅವರ ವ್ಯಕ್ತಿತ್ವ ಮತ್ತು ಮೃದು ಮಾತಿನ ಸ್ವಭಾವ ಎಲ್ಲರನ್ನೂ ಆಕರ್ಷಿಸುತ್ತದೆ. ಅವರು ಎಲ್ಲಾ ವರ್ಗದ ಜನರೊಂದಿಗೆ ಸಂವಾದ ನಡೆಸುತ್ತಾರೆ. ಭಾರತೀಯ ಸಂಗೀತ ವಾದ್ಯ ಪರಿಣತರು: ಭಾಗ್ವತ್ ಅವರು ಭಾರತೀಯ ಸಂಗೀತದಲ್ಲಿ ಆಸಕ್ತಿ ಹೊಂದಿದ್ದು, ಕೊಳಲು ಸೇರಿದಂತೆ ಹಲವು ವಾದ್ಯಗಳನ್ನು ನುಡಿಸಬಲ್ಲರು.
ತಮ್ಮ ಬಿಡುವಿಲ್ಲದ ಕೆಲಸಗಳ ನಡುವೆಯೂ ಮೋಹನ್ ಭಾಗ್ವತ್ ಅವರು ಯುವಜನರ ಸಂಗೀತ ಮತ್ತು ಕಲೆಗೆ ಪ್ರೋತ್ಸಾಹ ನೀಡುತ್ತಾರೆ. ವಸುಧೈವ ಕುಟುಂಬಕಮ್ ತತ್ವದಂತೆ ಇಡೀ ಜಗತ್ತನ್ನು ಒಂದು ಕುಟುಂಬವಾಗಿ ಕಾಣುವ ಅವರು ಸಮಾಜಕ್ಕೆ ಮಾರ್ಗದರ್ಶಿಯಾಗಿದ್ದಾರೆ. ಚಿಕಾಗೋ ಸ್ಫೂರ್ತಿ: ಈ ವರ್ಷ ವಿಜಯದಶಮಿಯ ದಿನ ಸಂಘವು ನೂರು ವರ್ಷಗಳನ್ನು ಪೂರೈಸಲಿದೆ. ಅವರ ಆರೋಗ್ಯ ಮತ್ತು ಸುದೀರ್ಘ ಆಯುಷ್ಯಕ್ಕಾಗಿ ನಾವೆಲ್ಲರೂ ಪ್ರಾರ್ಥಿಸೋಣ.
